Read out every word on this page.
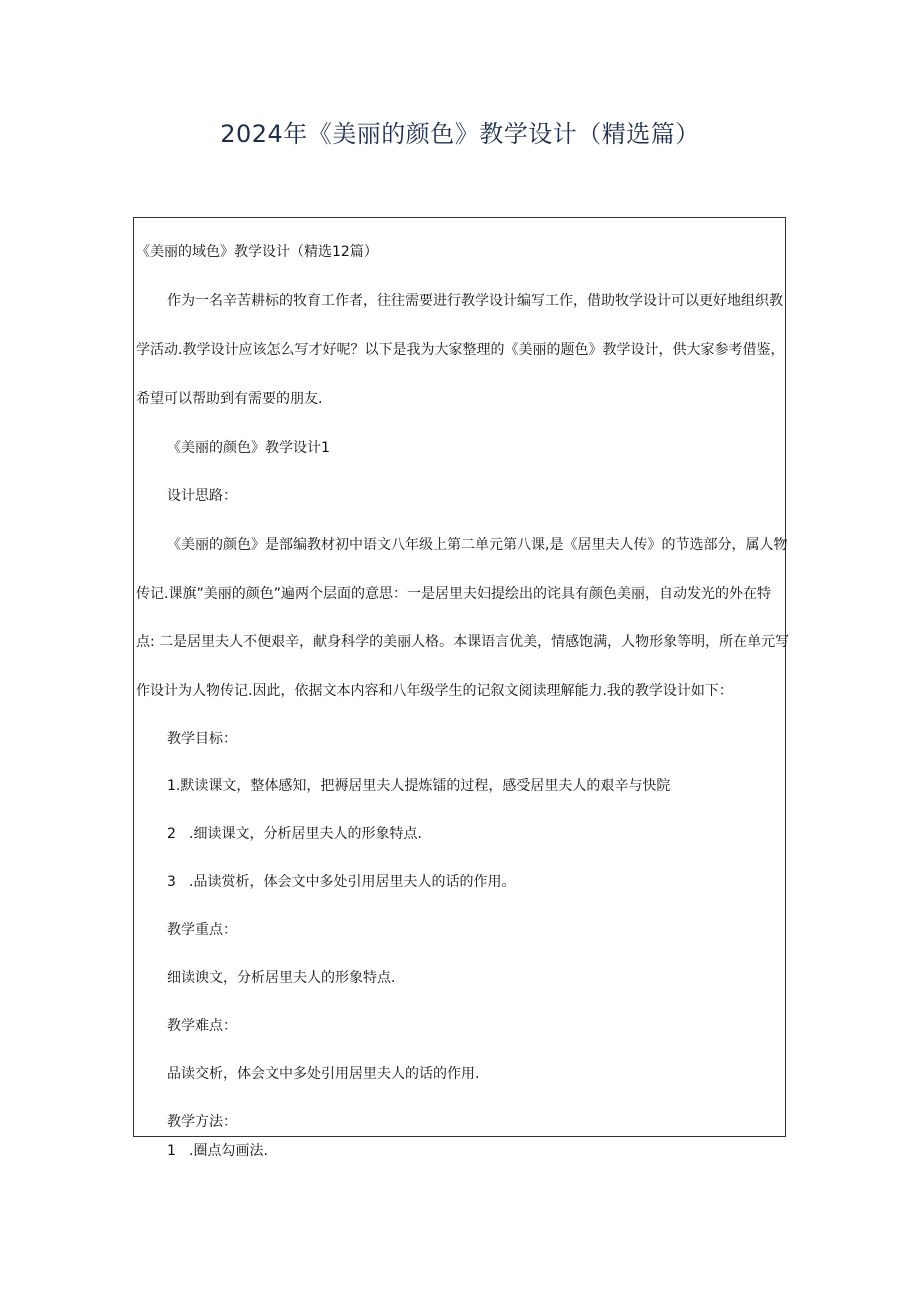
2024年《美丽的颜色》教学设计（精选篇）
《美丽的域色》教学设计（精选12篇）
作为一名辛苦耕标的牧育工作者，往往需要进行教学设计编写工作，借助牧学设计可以更好地组织教
学活动.教学设计应该怎么写才好呢？以下是我为大家整理的《美丽的题色》教学设计，供大家参考借鉴，
希望可以帮助到有需要的朋友.
《美丽的颜色》教学设计1
设计思路：
《美丽的颜色》是部编教材初中语文八年级上第二单元第八课,是《居里夫人传》的节选部分，属人物
传记.课旗”美丽的颜色”遍两个层面的意思：一是居里夫妇提绘出的诧具有颜色美丽，自动发光的外在特
点: 二是居里夫人不便艰辛，献身科学的美丽人格。本课语言优美，情感饱满，人物形象等明，所在单元写
作设计为人物传记.因此，依据文本内容和八年级学生的记叙文阅读理解能力.我的教学设计如下：
教学目标：
1.默读课文，整体感知，把褥居里夫人提炼镭的过程，感受居里夫人的艰辛与快院
2 .细读课文，分析居里夫人的形象特点.
3 .品读赏析，体会文中多处引用居里夫人的话的作用。
教学重点：
细读谀文，分析居里夫人的形象特点.
教学难点：
品读交析，体会文中多处引用居里夫人的话的作用.
教学方法：
1 .圈点勾画法.
